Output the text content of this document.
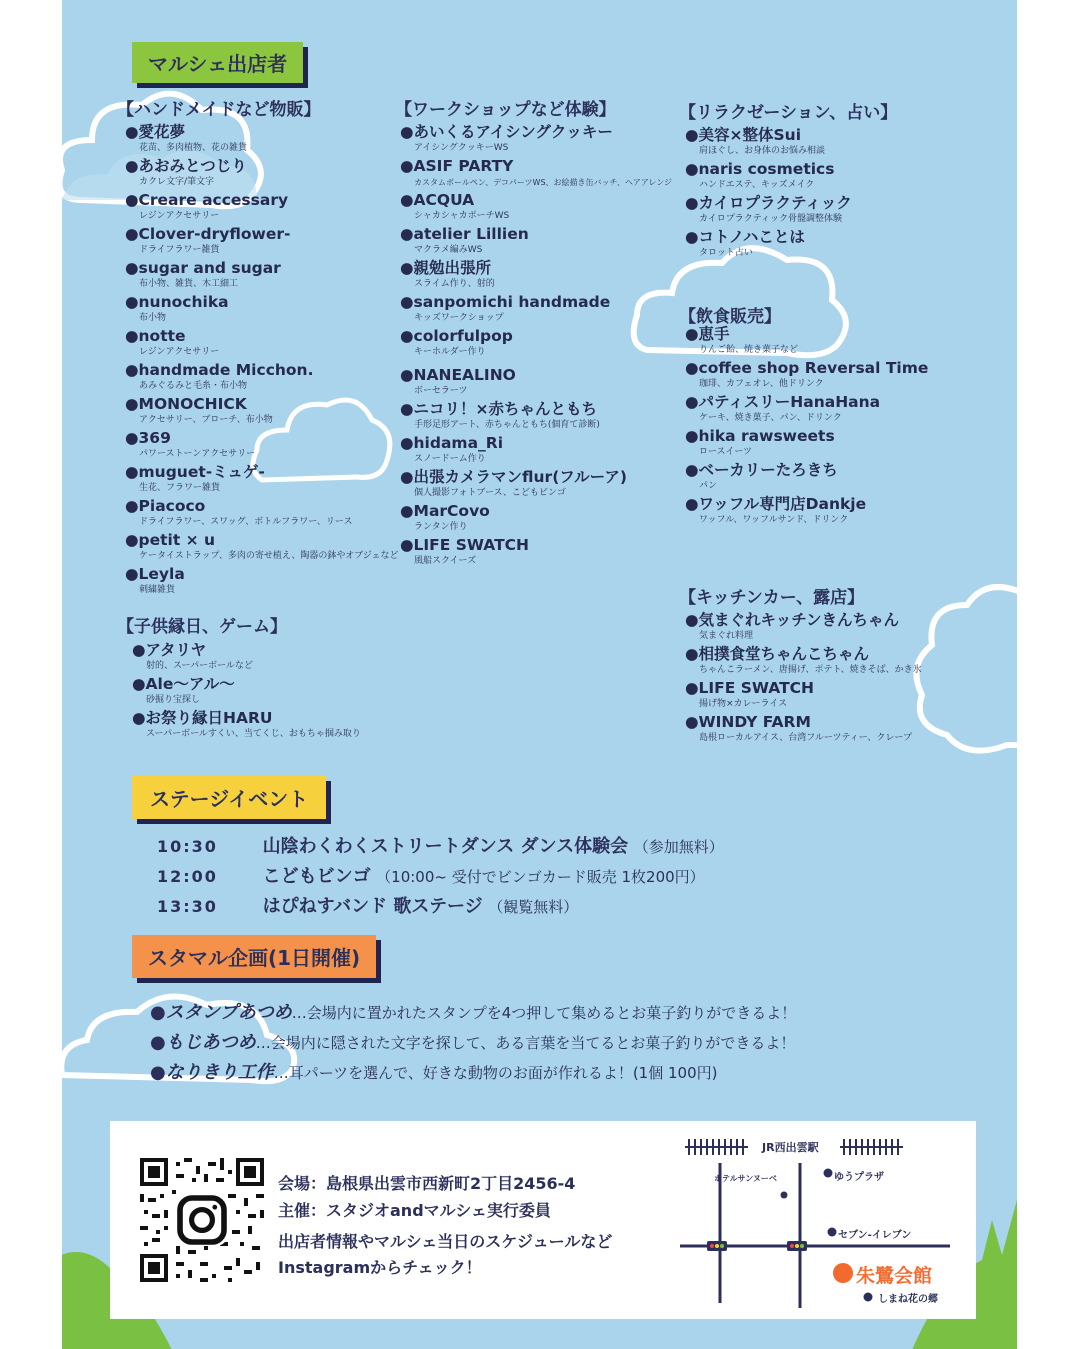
マルシェ出店者
【ハンドメイドなど物販】
●愛花夢
花苗、多肉植物、花の雑貨
●あおみとつじり
カクレ文字/筆文字
●Creare accessary
レジンアクセサリー
●Clover-dryflower-
ドライフラワー雑貨
●sugar and sugar
布小物、雑貨、木工細工
●nunochika
布小物
●notte
レジンアクセサリー
●handmade Micchon.
あみぐるみと毛糸・布小物
●MONOCHICK
アクセサリー、ブローチ、布小物
●369
パワーストーンアクセサリー
●muguet-ミュゲ-
生花、フラワー雑貨
●Piacoco
ドライフラワー、スワッグ、ボトルフラワー、リース
●petit × u
ケータイストラップ、多肉の寄せ植え、陶器の鉢やオブジェなど
●Leyla
刺繍雑貨
【ワークショップなど体験】
●あいくるアイシングクッキー
アイシングクッキーWS
●ASIF PARTY
カスタムボールペン、デコパーツWS、お絵描き缶バッチ、ヘアアレンジ
●ACQUA
シャカシャカポーチWS
●atelier Lillien
マクラメ編みWS
●親勉出張所
スライム作り、射的
●sanpomichi handmade
キッズワークショップ
●colorfulpop
キーホルダー作り
●NANEALINO
ボーセラーツ
●ニコリ！×赤ちゃんともち
手形足形アート、赤ちゃんともち(個育て診断)
●hidama_Ri
スノードーム作り
●出張カメラマンflur(フルーア)
個人撮影フォトブース、こどもビンゴ
●MarCovo
ランタン作り
●LIFE SWATCH
風船スクイーズ
【リラクゼーション、占い】
●美容×整体Sui
肩ほぐし、お身体のお悩み相談
●naris cosmetics
ハンドエステ、キッズメイク
●カイロプラクティック
カイロプラクティック骨盤調整体験
●コトノハことは
タロット占い
【飲食販売】
●恵手
りんご飴、焼き菓子など
●coffee shop Reversal Time
珈琲、カフェオレ、他ドリンク
●パティスリーHanaHana
ケーキ、焼き菓子、パン、ドリンク
●hika rawsweets
ロースイーツ
●ベーカリーたろきち
パン
●ワッフル専門店Dankje
ワッフル、ワッフルサンド、ドリンク
【キッチンカー、露店】
●気まぐれキッチンきんちゃん
気まぐれ料理
●相撲食堂ちゃんこちゃん
ちゃんこラーメン、唐揚げ、ポテト、焼きそば、かき氷
●LIFE SWATCH
揚げ物×カレーライス
●WINDY FARM
島根ローカルアイス、台湾フルーツティー、クレープ
【子供縁日、ゲーム】
●アタリヤ
射的、スーパーボールなど
●Ale〜アル〜
砂掘り宝探し
●お祭り縁日HARU
スーパーボールすくい、当てくじ、おもちゃ掴み取り
ステージイベント
10:30 山陰わくわくストリートダンス ダンス体験会 （参加無料）
12:00 こどもビンゴ （10:00~ 受付でビンゴカード販売 1枚200円）
13:30 はぴねすバンド 歌ステージ （観覧無料）
スタマル企画(1日開催)
●スタンプあつめ…会場内に置かれたスタンプを4つ押して集めるとお菓子釣りができるよ！
●もじあつめ…会場内に隠された文字を探して、ある言葉を当てるとお菓子釣りができるよ！
●なりきり工作…耳パーツを選んで、好きな動物のお面が作れるよ！(1個 100円)
会場：島根県出雲市西新町2丁目2456-4
主催：スタジオandマルシェ実行委員
出店者情報やマルシェ当日のスケジュールなど
Instagramからチェック！
JR西出雲駅
ホテルサンヌーベ	ゆうプラザ
セブン-イレブン
朱鷺会館
しまね花の郷
